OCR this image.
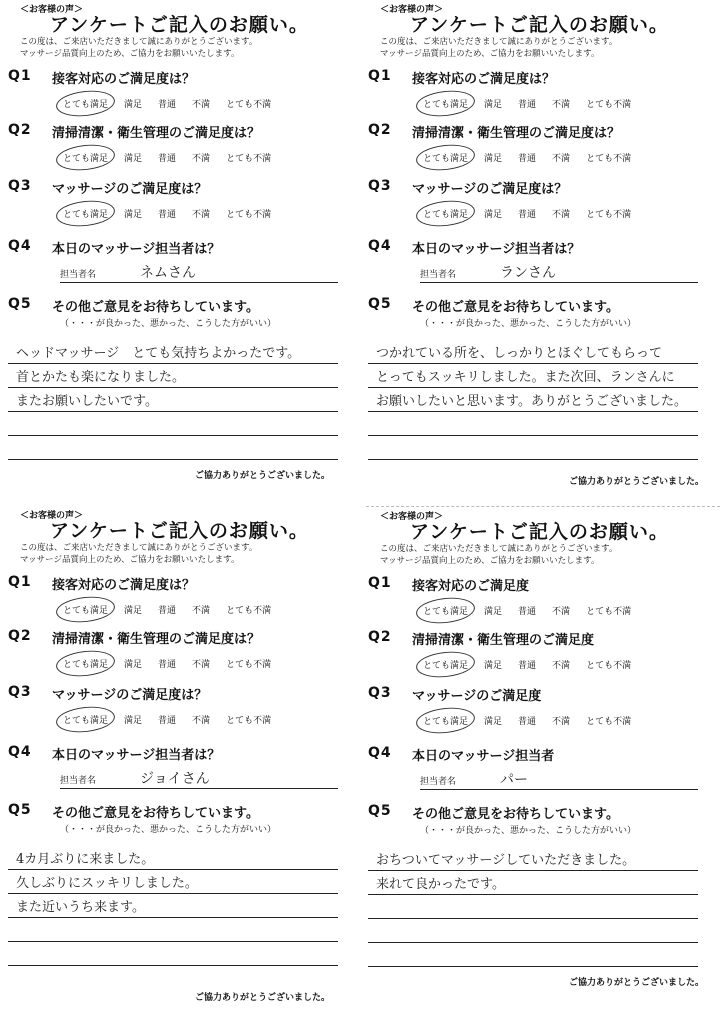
＜お客様の声＞
アンケートご記入のお願い。
この度は、ご来店いただきまして誠にありがとうございます。
マッサージ品質向上のため、ご協力をお願いいたします。
Q1 接客対応のご満足度は？
とても満足	満足	普通	不満	とても不満
Q2 清掃清潔・衛生管理のご満足度は？
とても満足	満足	普通	不満	とても不満
Q3 マッサージのご満足度は？
とても満足	満足	普通	不満	とても不満
Q4 本日のマッサージ担当者は？
担当者名	ネムさん
Q5 その他ご意見をお待ちしています。
（・・・が良かった、悪かった、こうした方がいい）
ヘッドマッサージ　とても気持ちよかったです。
首とかたも楽になりました。
またお願いしたいです。
ご協力ありがとうございました。
＜お客様の声＞
アンケートご記入のお願い。
この度は、ご来店いただきまして誠にありがとうございます。
マッサージ品質向上のため、ご協力をお願いいたします。
Q1 接客対応のご満足度は？
とても満足	満足	普通	不満	とても不満
Q2 清掃清潔・衛生管理のご満足度は？
とても満足	満足	普通	不満	とても不満
Q3 マッサージのご満足度は？
とても満足	満足	普通	不満	とても不満
Q4 本日のマッサージ担当者は？
担当者名	ランさん
Q5 その他ご意見をお待ちしています。
（・・・が良かった、悪かった、こうした方がいい）
つかれている所を、しっかりとほぐしてもらって
とってもスッキリしました。また次回、ランさんに
お願いしたいと思います。ありがとうございました。
ご協力ありがとうございました。
＜お客様の声＞
アンケートご記入のお願い。
この度は、ご来店いただきまして誠にありがとうございます。
マッサージ品質向上のため、ご協力をお願いいたします。
Q1 接客対応のご満足度は？
とても満足	満足	普通	不満	とても不満
Q2 清掃清潔・衛生管理のご満足度は？
とても満足	満足	普通	不満	とても不満
Q3 マッサージのご満足度は？
とても満足	満足	普通	不満	とても不満
Q4 本日のマッサージ担当者は？
担当者名	ジョイさん
Q5 その他ご意見をお待ちしています。
（・・・が良かった、悪かった、こうした方がいい）
4カ月ぶりに来ました。
久しぶりにスッキリしました。
また近いうち来ます。
ご協力ありがとうございました。
＜お客様の声＞
アンケートご記入のお願い。
この度は、ご来店いただきまして誠にありがとうございます。
マッサージ品質向上のため、ご協力をお願いいたします。
Q1 接客対応のご満足度
とても満足	満足	普通	不満	とても不満
Q2 清掃清潔・衛生管理のご満足度
とても満足	満足	普通	不満	とても不満
Q3 マッサージのご満足度
とても満足	満足	普通	不満	とても不満
Q4 本日のマッサージ担当者
担当者名	パー
Q5 その他ご意見をお待ちしています。
（・・・が良かった、悪かった、こうした方がいい）
おちついてマッサージしていただきました。
来れて良かったです。
ご協力ありがとうございました。
